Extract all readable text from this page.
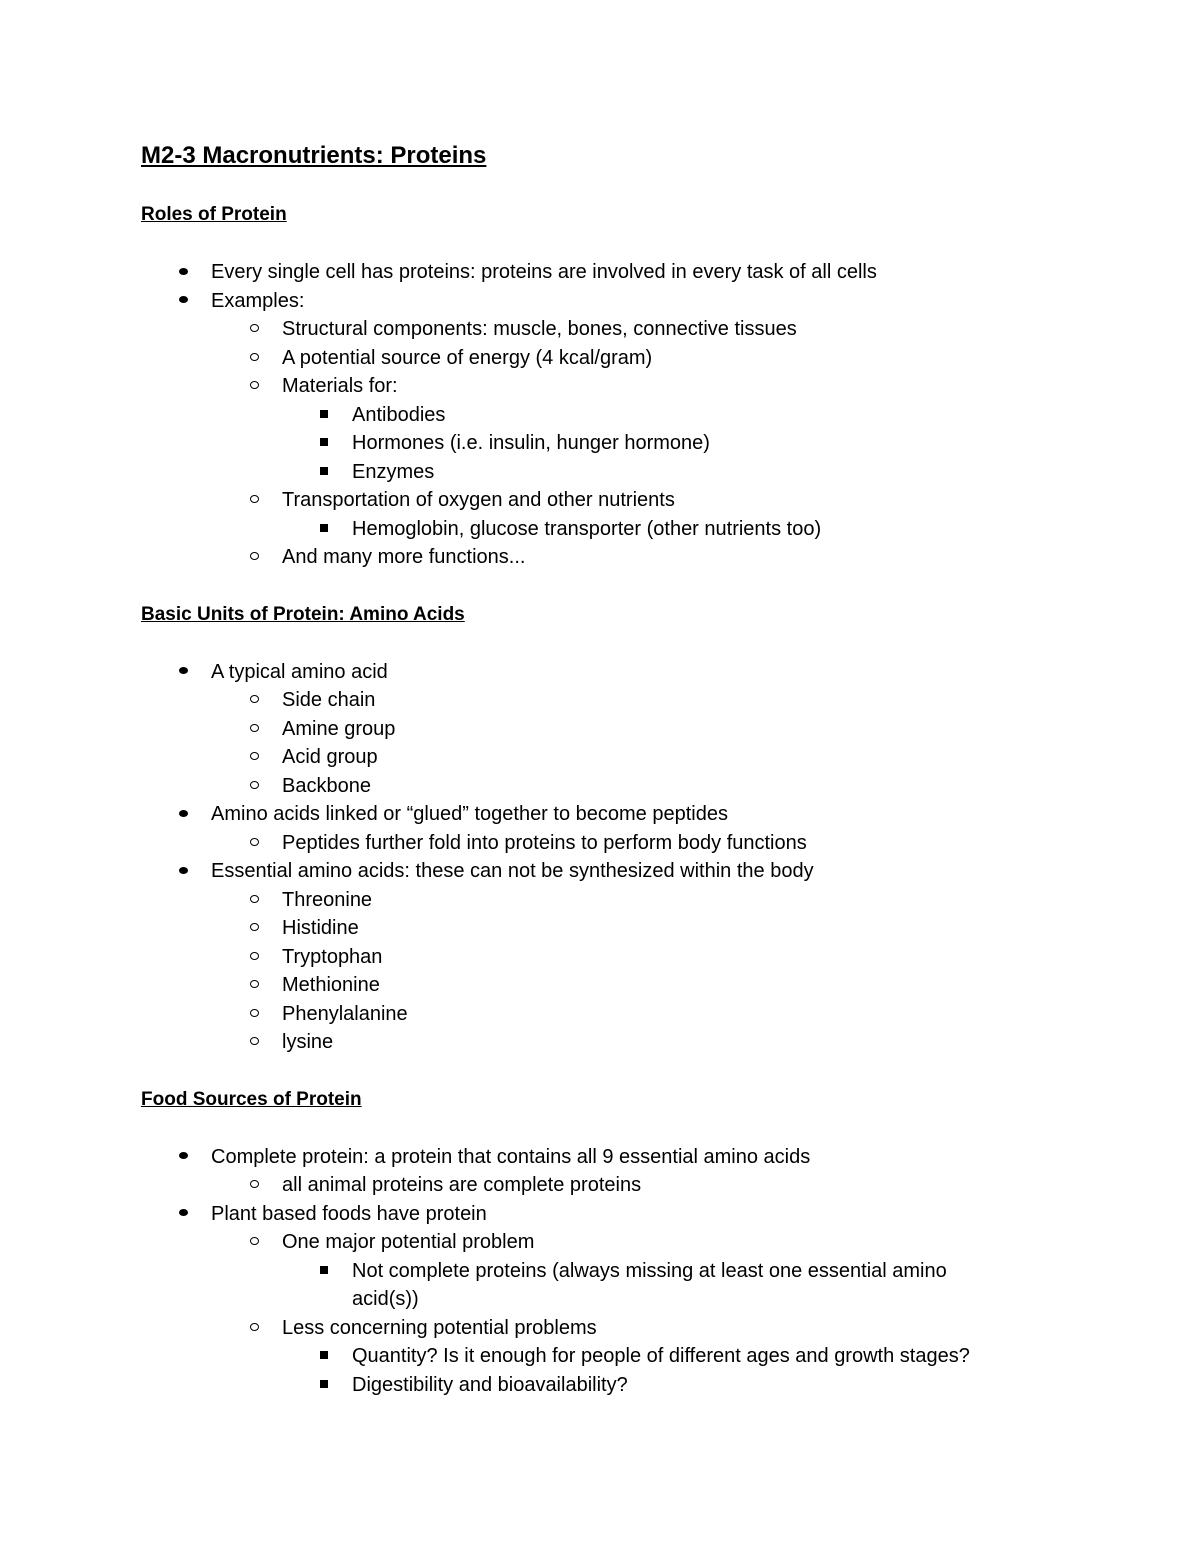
M2-3 Macronutrients: Proteins
Roles of Protein
Every single cell has proteins: proteins are involved in every task of all cells
Examples:
Structural components: muscle, bones, connective tissues
A potential source of energy (4 kcal/gram)
Materials for:
Antibodies
Hormones (i.e. insulin, hunger hormone)
Enzymes
Transportation of oxygen and other nutrients
Hemoglobin, glucose transporter (other nutrients too)
And many more functions...
Basic Units of Protein: Amino Acids
A typical amino acid
Side chain
Amine group
Acid group
Backbone
Amino acids linked or “glued” together to become peptides
Peptides further fold into proteins to perform body functions
Essential amino acids: these can not be synthesized within the body
Threonine
Histidine
Tryptophan
Methionine
Phenylalanine
lysine
Food Sources of Protein
Complete protein: a protein that contains all 9 essential amino acids
all animal proteins are complete proteins
Plant based foods have protein
One major potential problem
Not complete proteins (always missing at least one essential amino acid(s))
Less concerning potential problems
Quantity? Is it enough for people of different ages and growth stages?
Digestibility and bioavailability?
